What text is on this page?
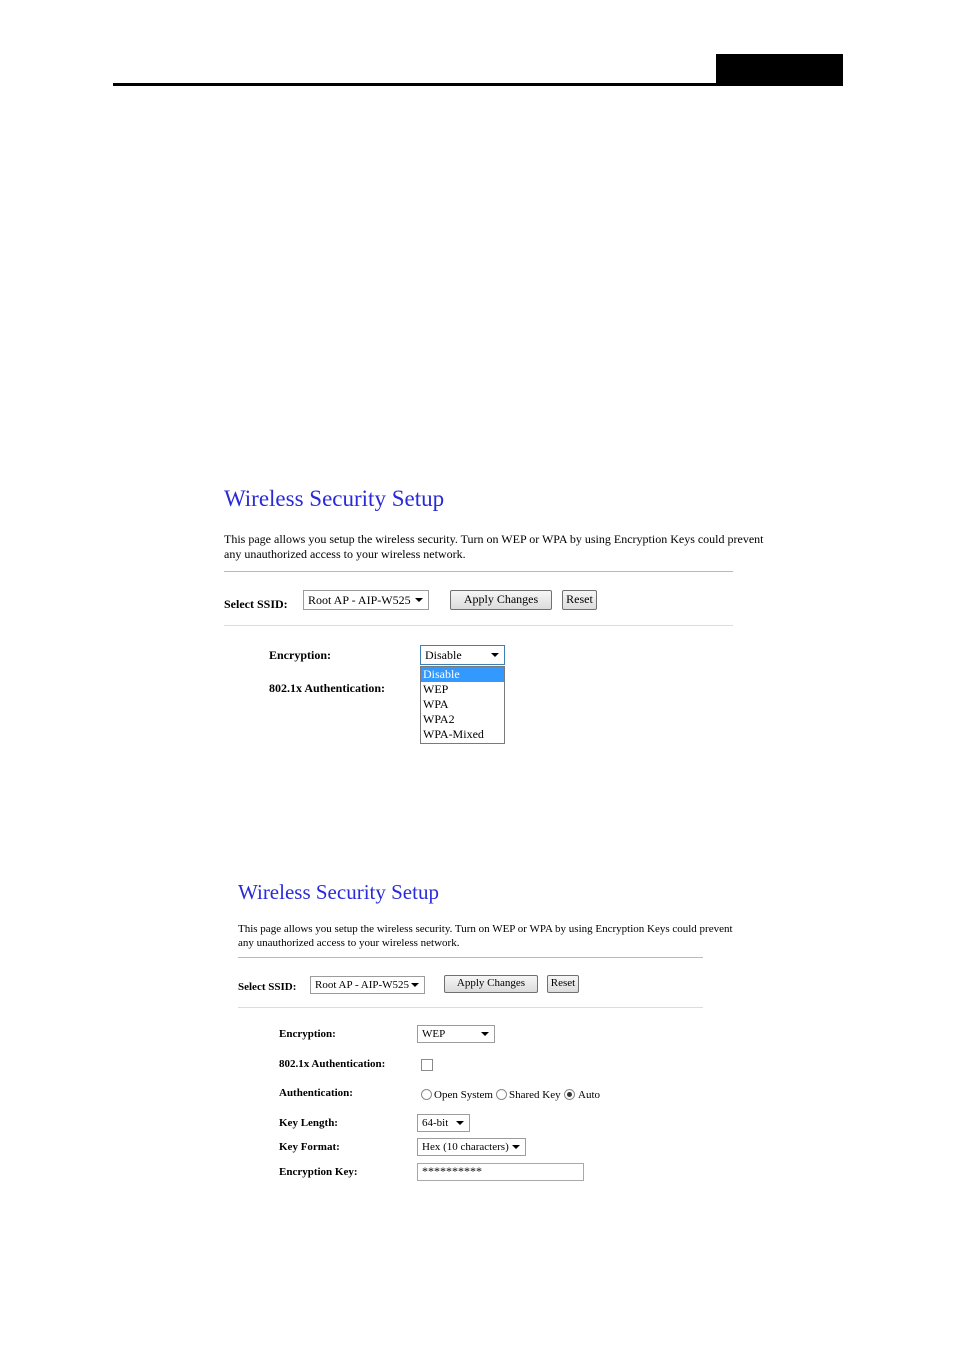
Wireless Security Setup
This page allows you setup the wireless security. Turn on WEP or WPA by using Encryption Keys could prevent
any unauthorized access to your wireless network.
Select SSID:	Root AP - AIP-W525	Apply Changes	Reset
Encryption:	Disable
802.1x Authentication:
Disable
WEP
WPA
WPA2
WPA-Mixed
Wireless Security Setup
This page allows you setup the wireless security. Turn on WEP or WPA by using Encryption Keys could prevent
any unauthorized access to your wireless network.
Select SSID:	Root AP - AIP-W525	Apply Changes	Reset
Encryption:	WEP
802.1x Authentication:
Authentication:	Open System Shared Key Auto
Key Length:	64-bit
Key Format:	Hex (10 characters)
Encryption Key:	**********
